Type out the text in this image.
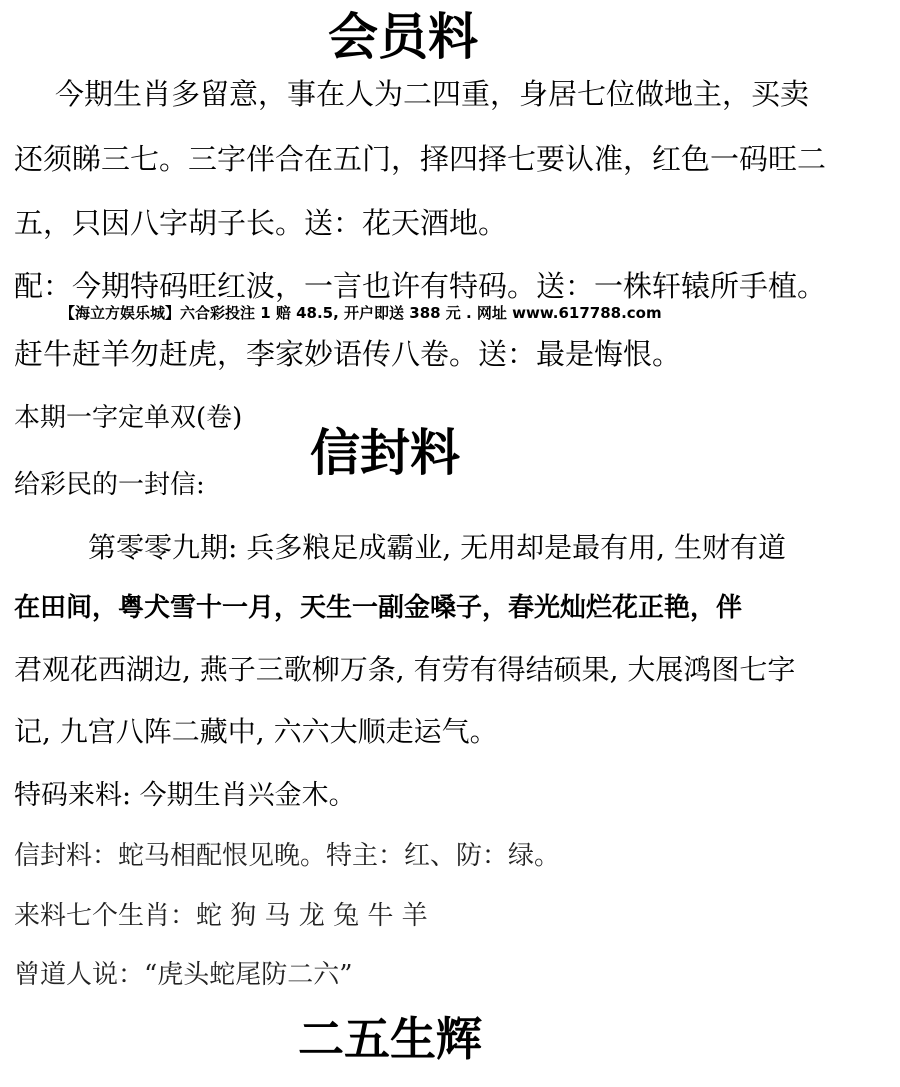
会员料
今期生肖多留意，事在人为二四重，身居七位做地主，买卖
还须睇三七。三字伴合在五门，择四择七要认准，红色一码旺二
五，只因八字胡子长。送：花天酒地。
配：今期特码旺红波，一言也许有特码。送：一株轩辕所手植。
【海立方娱乐城】六合彩投注 1 赔 48.5, 开户即送 388 元 . 网址 www.617788.com
赶牛赶羊勿赶虎，李家妙语传八卷。送：最是悔恨。
本期一字定单双(卷)
信封料
给彩民的一封信:
第零零九期: 兵多粮足成霸业, 无用却是最有用, 生财有道
在田间，粤犬雪十一月，天生一副金嗓子，春光灿烂花正艳，伴
君观花西湖边, 燕子三歌柳万条, 有劳有得结硕果, 大展鸿图七字
记, 九宫八阵二藏中, 六六大顺走运气。
特码来料: 今期生肖兴金木。
信封料：蛇马相配恨见晚。特主：红、防：绿。
来料七个生肖：蛇 狗 马 龙 兔 牛 羊
曾道人说：“虎头蛇尾防二六”
二五生辉
